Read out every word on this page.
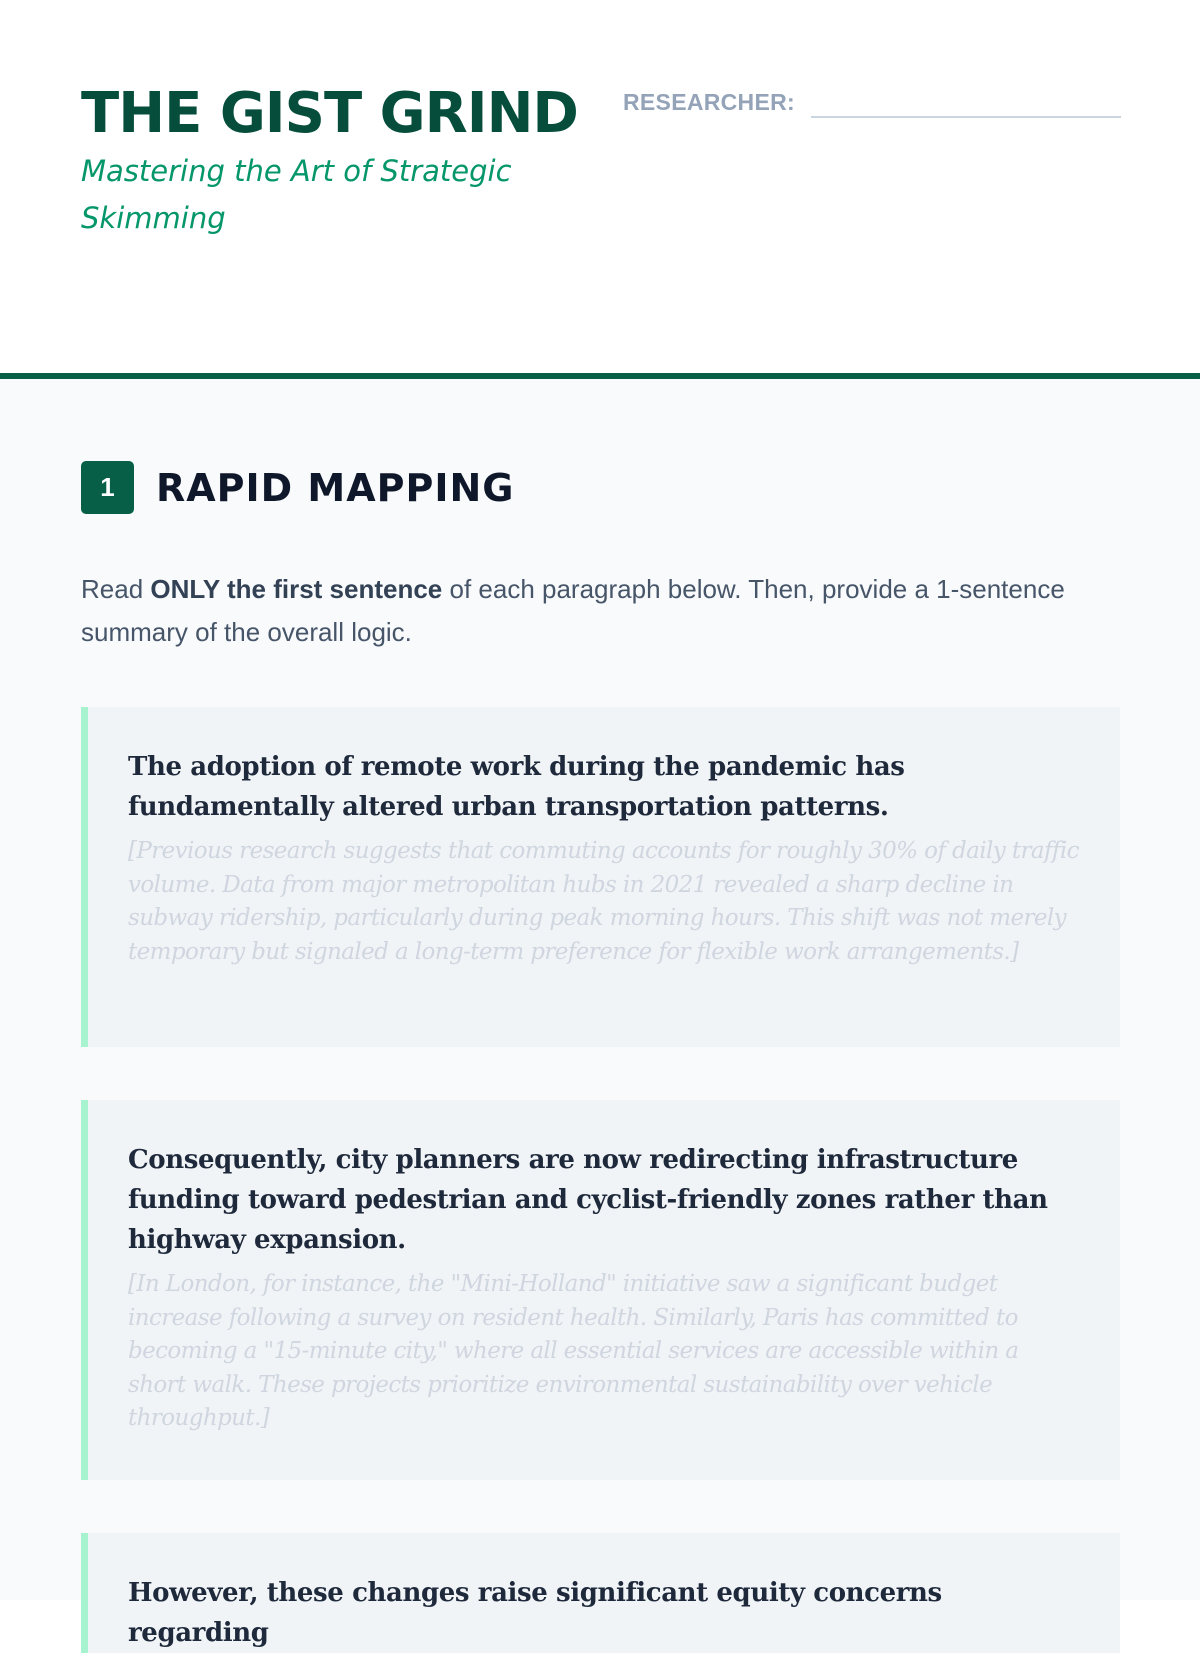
THE GIST GRIND

Mastering the Art of Strategic Skimming

RESEARCHER:
1	RAPID MAPPING

Read ONLY the first sentence of each paragraph below. Then, provide a 1-sentence summary of the overall logic.

The adoption of remote work during the pandemic has fundamentally altered urban transportation patterns.

[Previous research suggests that commuting accounts for roughly 30% of daily traffic volume. Data from major metropolitan hubs in 2021 revealed a sharp decline in subway ridership, particularly during peak morning hours. This shift was not merely temporary but signaled a long-term preference for flexible work arrangements.]

Consequently, city planners are now redirecting infrastructure funding toward pedestrian and cyclist-friendly zones rather than highway expansion.

[In London, for instance, the "Mini-Holland" initiative saw a significant budget increase following a survey on resident health. Similarly, Paris has committed to becoming a "15-minute city," where all essential services are accessible within a short walk. These projects prioritize environmental sustainability over vehicle throughput.]

However, these changes raise significant equity concerns regarding
